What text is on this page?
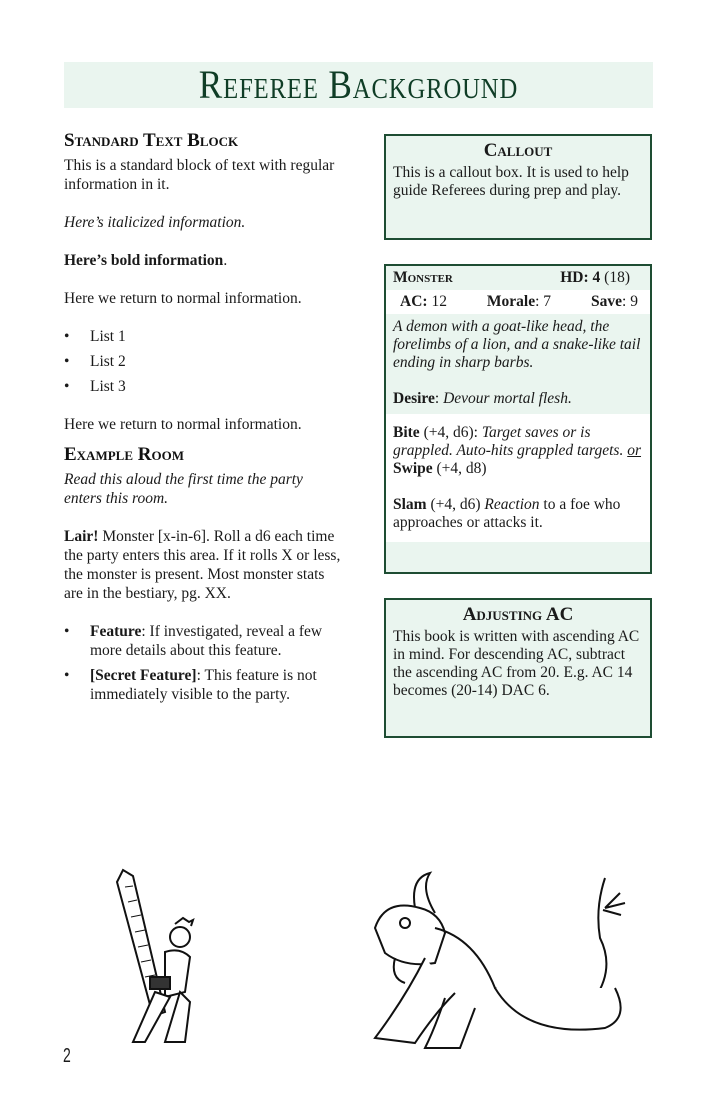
Referee Background
Standard Text Block

This is a standard block of text with regular information in it.

Here’s italicized information.

Here’s bold information.

Here we return to normal information.

• List 1
• List 2
• List 3

Here we return to normal information.

Example Room

Read this aloud the first time the party enters this room.

Lair! Monster [x-in-6]. Roll a d6 each time the party enters this area. If it rolls X or less, the monster is present. Most monster stats are in the bestiary, pg. XX.

• Feature: If investigated, reveal a few more details about this feature.
• [Secret Feature]: This feature is not immediately visible to the party.
Callout
This is a callout box. It is used to help guide Referees during prep and play.
Monster	HD: 4 (18)
AC: 12	Morale: 7	Save: 9
A demon with a goat-like head, the forelimbs of a lion, and a snake-like tail ending in sharp barbs.
Desire: Devour mortal flesh.

Bite (+4, d6): Target saves or is grappled. Auto-hits grappled targets. or Swipe (+4, d8)

Slam (+4, d6) Reaction to a foe who approaches or attacks it.

Adjusting AC
This book is written with ascending AC in mind. For descending AC, subtract the ascending AC from 20. E.g. AC 14 becomes (20-14) DAC 6.
2
